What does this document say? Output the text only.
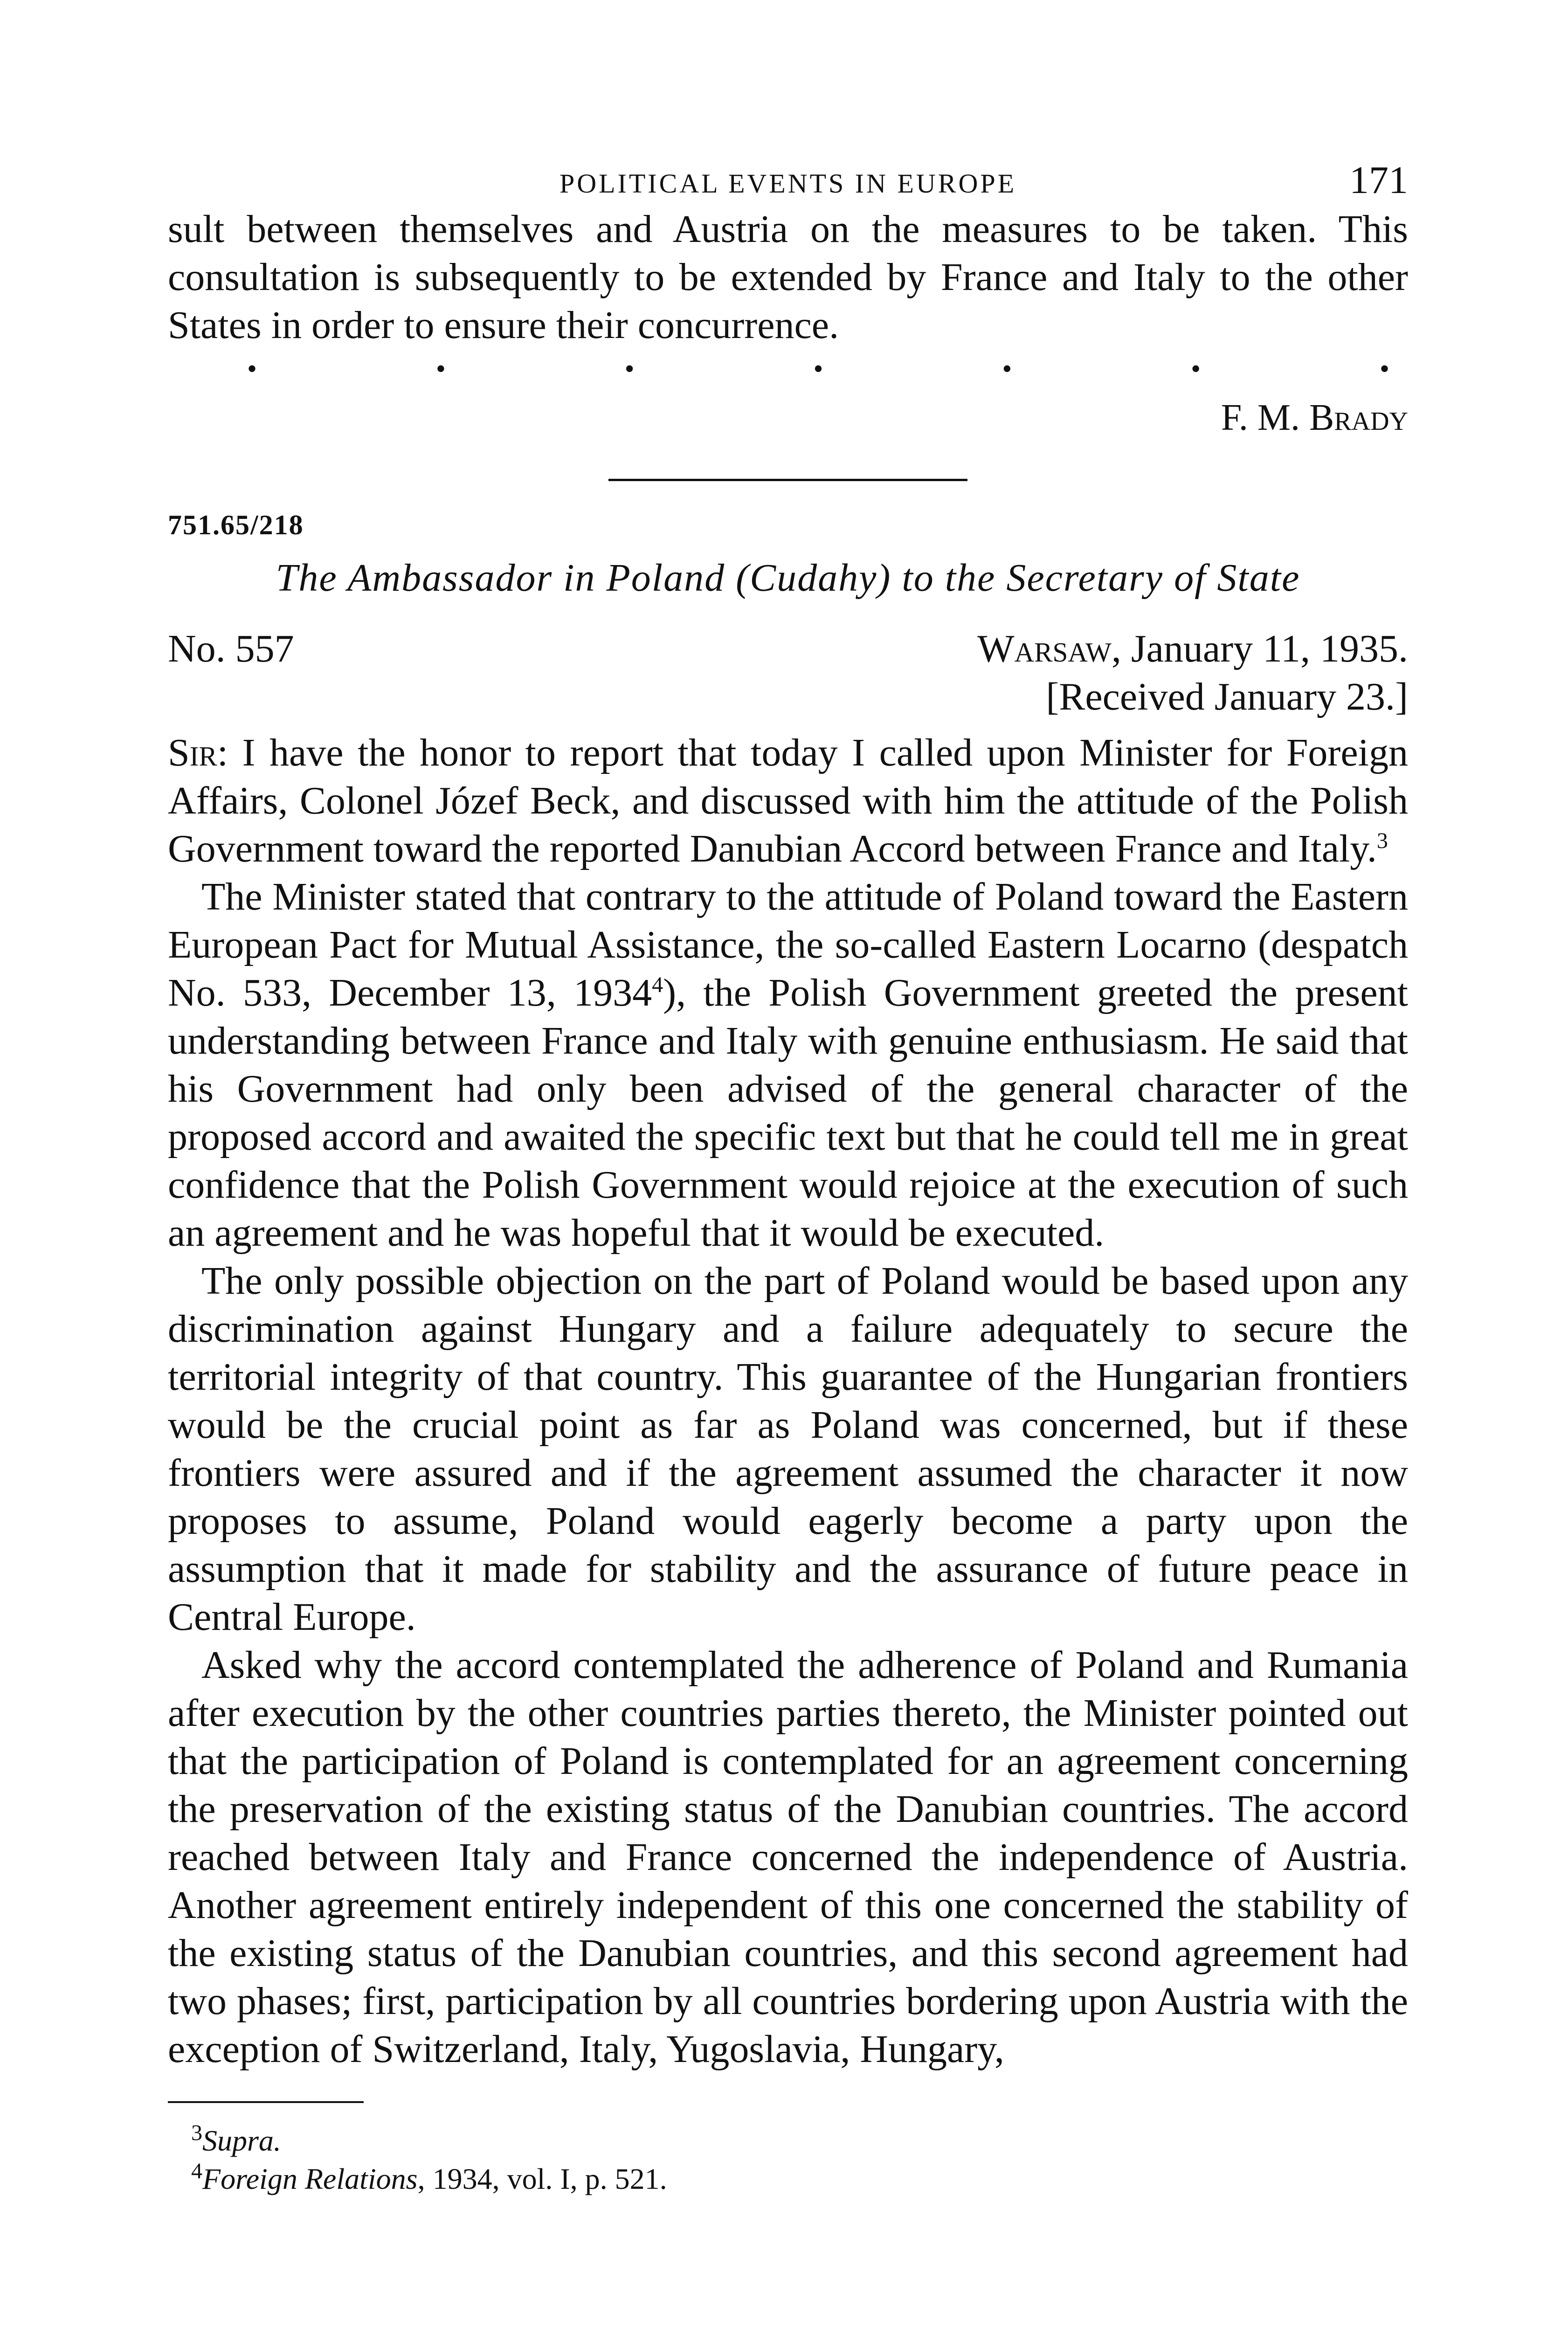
POLITICAL EVENTS IN EUROPE	171

sult between themselves and Austria on the measures to be taken. This consultation is subsequently to be extended by France and Italy to the other States in order to ensure their concurrence.

•	•	•	•	•	•	•
F. M. Brady
751.65/218
The Ambassador in Poland (Cudahy) to the Secretary of State
No. 557	Warsaw, January 11, 1935.
[Received January 23.]

Sir: I have the honor to report that today I called upon Minister for Foreign Affairs, Colonel Józef Beck, and discussed with him the attitude of the Polish Government toward the reported Danubian Accord between France and Italy.$^3$

The Minister stated that contrary to the attitude of Poland toward the Eastern European Pact for Mutual Assistance, the so-called Eastern Locarno (despatch No. 533, December 13, 1934$^4$), the Polish Government greeted the present understanding between France and Italy with genuine enthusiasm. He said that his Government had only been advised of the general character of the proposed accord and awaited the specific text but that he could tell me in great confidence that the Polish Government would rejoice at the execution of such an agreement and he was hopeful that it would be executed.

The only possible objection on the part of Poland would be based upon any discrimination against Hungary and a failure adequately to secure the territorial integrity of that country. This guarantee of the Hungarian frontiers would be the crucial point as far as Poland was concerned, but if these frontiers were assured and if the agreement assumed the character it now proposes to assume, Poland would eagerly become a party upon the assumption that it made for stability and the assurance of future peace in Central Europe.

Asked why the accord contemplated the adherence of Poland and Rumania after execution by the other countries parties thereto, the Minister pointed out that the participation of Poland is contemplated for an agreement concerning the preservation of the existing status of the Danubian countries. The accord reached between Italy and France concerned the independence of Austria. Another agreement entirely independent of this one concerned the stability of the existing status of the Danubian countries, and this second agreement had two phases; first, participation by all countries bordering upon Austria with the exception of Switzerland, Italy, Yugoslavia, Hungary,

$^3$Supra.
$^4$Foreign Relations, 1934, vol. I, p. 521.
